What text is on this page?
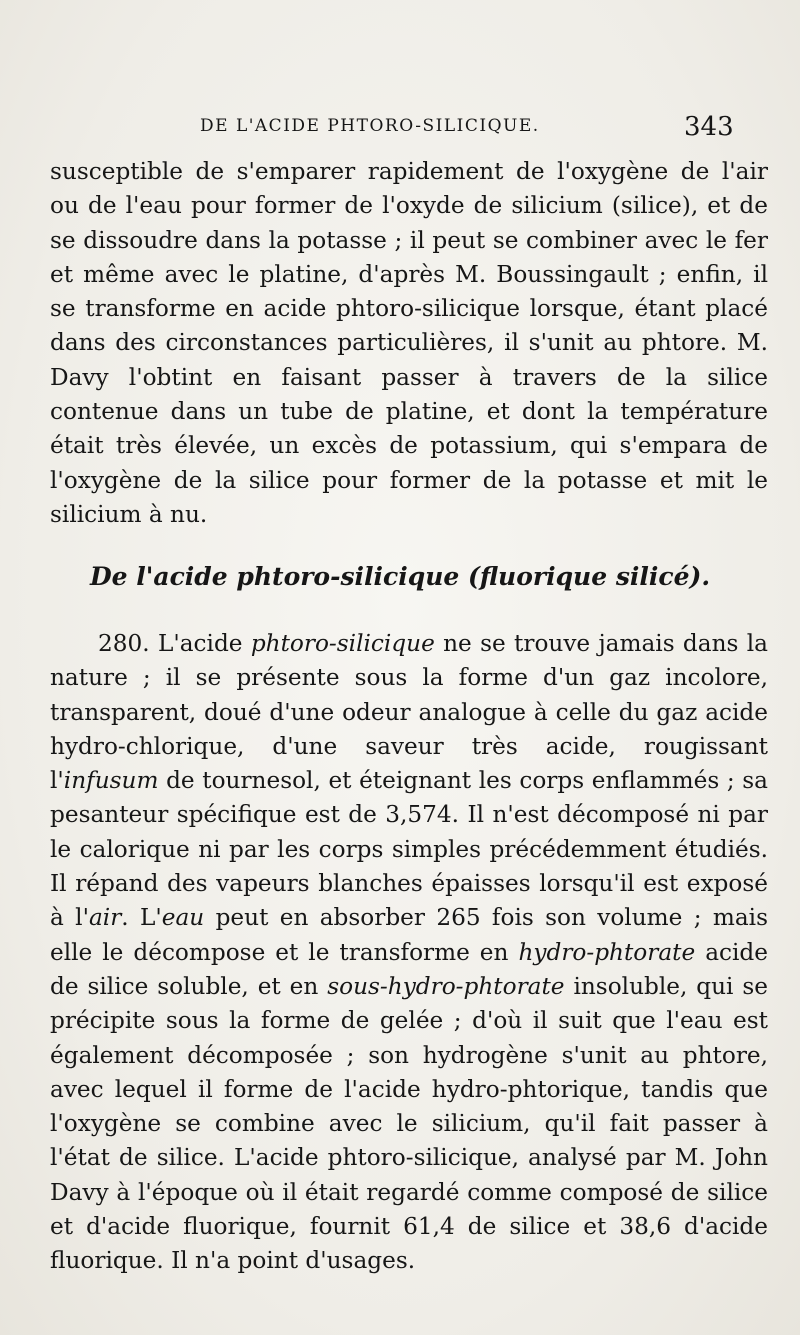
DE L'ACIDE PHTORO-SILICIQUE.	343

susceptible de s'emparer rapidement de l'oxygène de l'air ou de l'eau pour former de l'oxyde de silicium (silice), et de se dissoudre dans la potasse ; il peut se combiner avec le fer et même avec le platine, d'après M. Boussingault ; enfin, il se transforme en acide phtoro-silicique lorsque, étant placé dans des circonstances particulières, il s'unit au phtore. M. Davy l'obtint en faisant passer à travers de la silice contenue dans un tube de platine, et dont la température était très élevée, un excès de potassium, qui s'empara de l'oxygène de la silice pour former de la potasse et mit le silicium à nu.

De l'acide phtoro-silicique (fluorique silicé).

280. L'acide phtoro-silicique ne se trouve jamais dans la nature ; il se présente sous la forme d'un gaz incolore, transparent, doué d'une odeur analogue à celle du gaz acide hydro-chlorique, d'une saveur très acide, rougissant l'infusum de tournesol, et éteignant les corps enflammés ; sa pesanteur spécifique est de 3,574. Il n'est décomposé ni par le calorique ni par les corps simples précédemment étudiés. Il répand des vapeurs blanches épaisses lorsqu'il est exposé à l'air. L'eau peut en absorber 265 fois son volume ; mais elle le décompose et le transforme en hydro-phtorate acide de silice soluble, et en sous-hydro-phtorate insoluble, qui se précipite sous la forme de gelée ; d'où il suit que l'eau est également décomposée ; son hydrogène s'unit au phtore, avec lequel il forme de l'acide hydro-phtorique, tandis que l'oxygène se combine avec le silicium, qu'il fait passer à l'état de silice. L'acide phtoro-silicique, analysé par M. John Davy à l'époque où il était regardé comme composé de silice et d'acide fluorique, fournit 61,4 de silice et 38,6 d'acide fluorique. Il n'a point d'usages.
